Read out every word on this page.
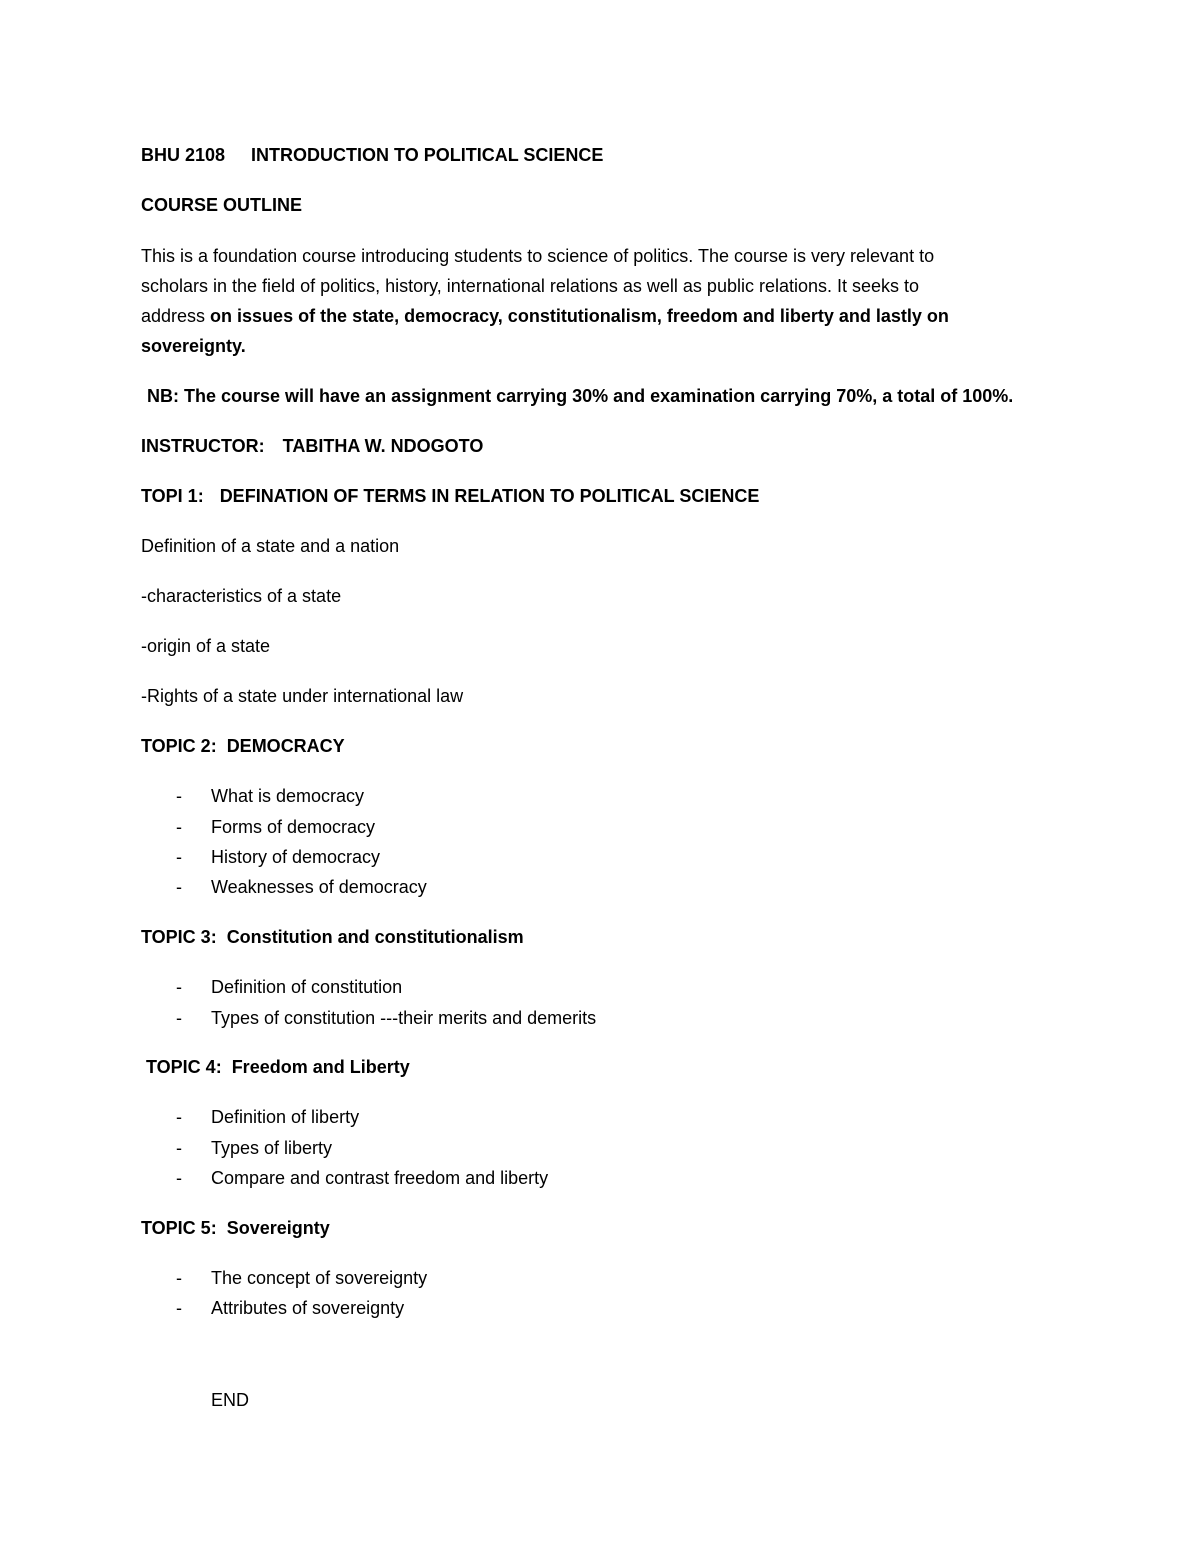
BHU 2108 INTRODUCTION TO POLITICAL SCIENCE
COURSE OUTLINE
This is a foundation course introducing students to science of politics. The course is very relevant to
scholars in the field of politics, history, international relations as well as public relations. It seeks to
address on issues of the state, democracy, constitutionalism, freedom and liberty and lastly on
sovereignty.
NB: The course will have an assignment carrying 30% and examination carrying 70%, a total of 100%.
INSTRUCTOR: TABITHA W. NDOGOTO
TOPI 1: DEFINATION OF TERMS IN RELATION TO POLITICAL SCIENCE
Definition of a state and a nation
-characteristics of a state
-origin of a state
-Rights of a state under international law
TOPIC 2: DEMOCRACY
- What is democracy
- Forms of democracy
- History of democracy
- Weaknesses of democracy
TOPIC 3: Constitution and constitutionalism
- Definition of constitution
- Types of constitution ---their merits and demerits
TOPIC 4: Freedom and Liberty
- Definition of liberty
- Types of liberty
- Compare and contrast freedom and liberty
TOPIC 5: Sovereignty
- The concept of sovereignty
- Attributes of sovereignty
END
